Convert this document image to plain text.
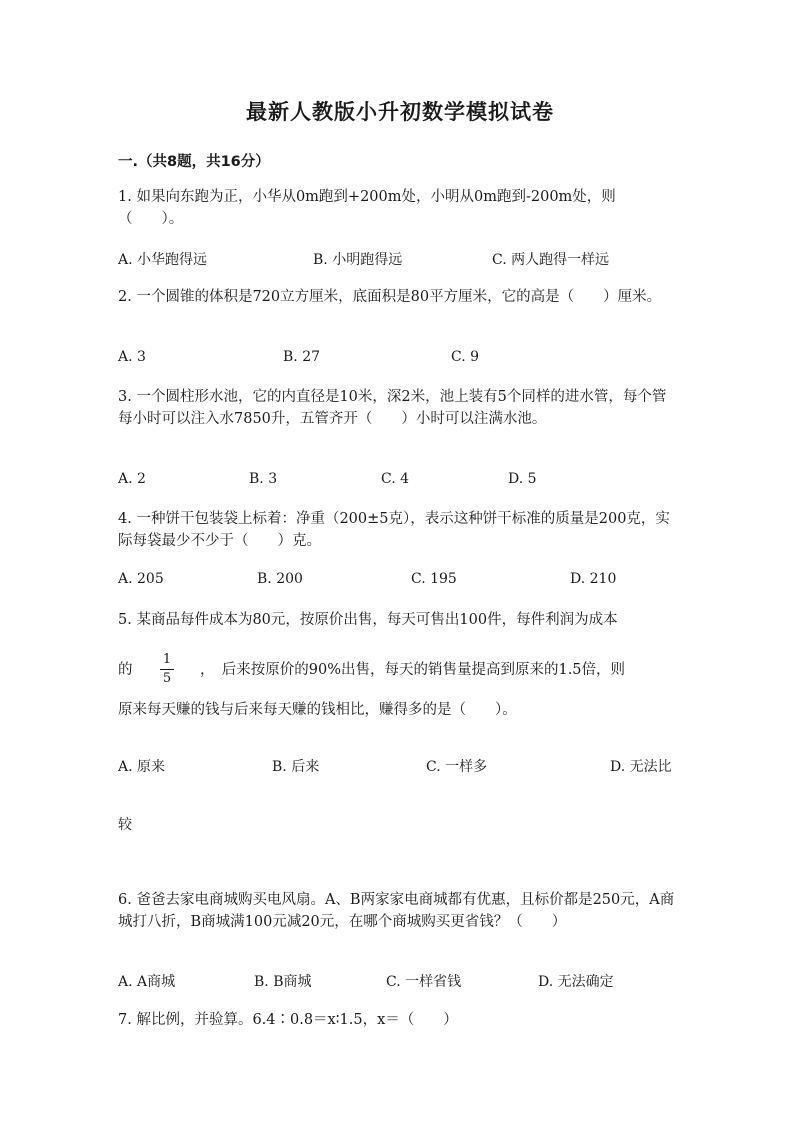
最新人教版小升初数学模拟试卷
一.（共8题，共16分）
1. 如果向东跑为正，小华从0m跑到+200m处，小明从0m跑到-200m处，则（　　）。
A. 小华跑得远	B. 小明跑得远	C. 两人跑得一样远
2. 一个圆锥的体积是720立方厘米，底面积是80平方厘米，它的高是（　　）厘米。
A. 3	B. 27	C. 9
3. 一个圆柱形水池，它的内直径是10米，深2米，池上装有5个同样的进水管，每个管每小时可以注入水7850升，五管齐开（　　）小时可以注满水池。
A. 2	B. 3	C. 4	D. 5
4. 一种饼干包装袋上标着：净重（200±5克），表示这种饼干标准的质量是200克，实际每袋最少不少于（　　）克。
A. 205	B. 200	C. 195	D. 210
5. 某商品每件成本为80元，按原价出售，每天可售出100件，每件利润为成本
的
1
5
，　后来按原价的90%出售，每天的销售量提高到原来的1.5倍，则
原来每天赚的钱与后来每天赚的钱相比，赚得多的是（　　）。
A. 原来	B. 后来	C. 一样多	D. 无法比
较
6. 爸爸去家电商城购买电风扇。A、B两家家电商城都有优惠，且标价都是250元，A商城打八折，B商城满100元减20元，在哪个商城购买更省钱？（　　）
A. A商城	B. B商城	C. 一样省钱	D. 无法确定
7. 解比例，并验算。6.4∶0.8＝x∶1.5，x＝（　　）
